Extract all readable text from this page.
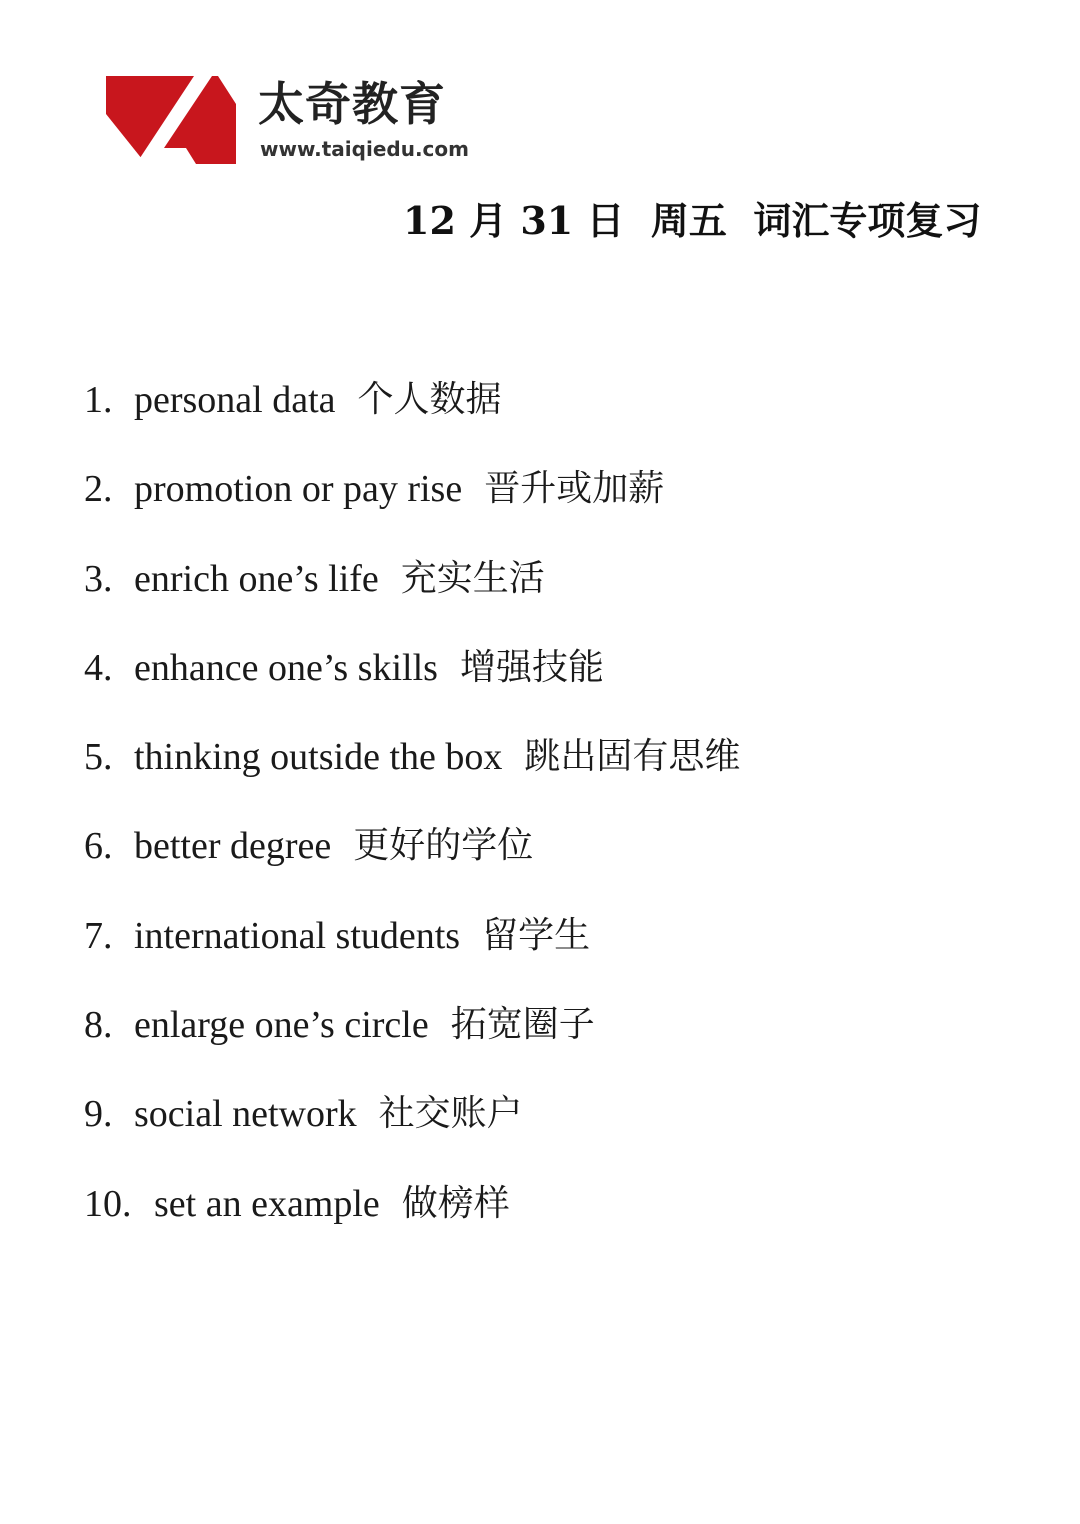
太奇教育
www.taiqiedu.com
12 月 31 日  周五  词汇专项复习
1. personal data 个人数据
2. promotion or pay rise 晋升或加薪
3. enrich one’s life 充实生活
4. enhance one’s skills 增强技能
5. thinking outside the box 跳出固有思维
6. better degree 更好的学位
7. international students 留学生
8. enlarge one’s circle 拓宽圈子
9. social network 社交账户
10. set an example 做榜样
